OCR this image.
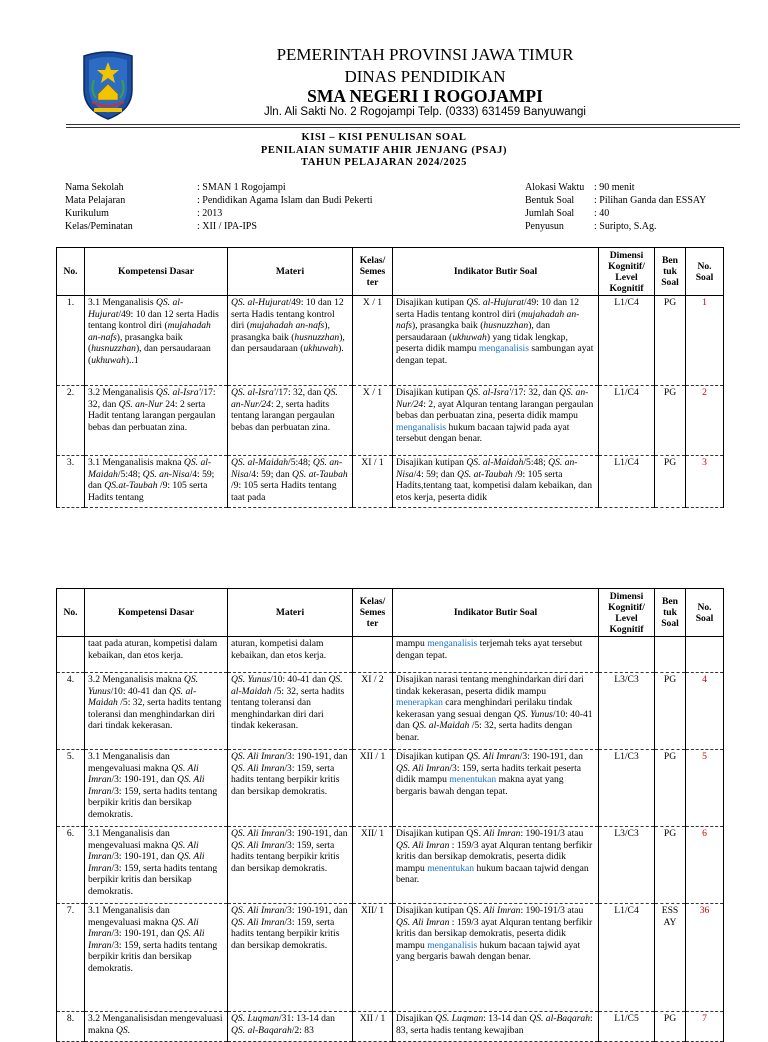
PEMERINTAH PROVINSI JAWA TIMUR
DINAS PENDIDIKAN
SMA NEGERI I ROGOJAMPI
Jln. Ali Sakti No. 2 Rogojampi Telp. (0333) 631459 Banyuwangi
KISI – KISI PENULISAN SOAL
PENILAIAN SUMATIF AHIR JENJANG (PSAJ)
TAHUN PELAJARAN 2024/2025
Nama Sekolah	: SMAN 1 Rogojampi
Mata Pelajaran	: Pendidikan Agama Islam dan Budi Pekerti
Kurikulum	: 2013
Kelas/Peminatan	: XII / IPA-IPS
Alokasi Waktu : 90 menit
Bentuk Soal	: Pilihan Ganda dan ESSAY
Jumlah Soal	: 40
Penyusun	: Suripto, S.Ag.
No.	Kompetensi Dasar	Materi	Kelas/ Semes ter	Indikator Butir Soal	Dimensi Kognitif/ Level Kognitif	Ben tuk Soal	No. Soal
1.	3.1 Menganalisis QS. al-Hujurat/49: 10 dan 12 serta Hadis tentang kontrol diri (mujahadah an-nafs), prasangka baik (husnuzzhan), dan persaudaraan (ukhuwah)..1	QS. al-Hujurat/49: 10 dan 12 serta Hadis tentang kontrol diri (mujahadah an-nafs), prasangka baik (husnuzzhan), dan persaudaraan (ukhuwah).	X / 1	Disajikan kutipan QS. al-Hujurat/49: 10 dan 12 serta Hadis tentang kontrol diri (mujahadah an-nafs), prasangka baik (husnuzzhan), dan persaudaraan (ukhuwah) yang tidak lengkap, peserta didik mampu menganalisis sambungan ayat dengan tepat.	L1/C4	PG	1
2.	3.2 Menganalisis QS. al-Isra'/17: 32, dan QS. an-Nur 24: 2 serta Hadit tentang larangan pergaulan bebas dan perbuatan zina.	QS. al-Isra'/17: 32, dan QS. an-Nur/24: 2, serta hadits tentang larangan pergaulan bebas dan perbuatan zina.	X / 1	Disajikan kutipan QS. al-Isra'/17: 32, dan QS. an-Nur/24: 2, ayat Alquran tentang larangan pergaulan bebas dan perbuatan zina, peserta didik mampu menganalisis hukum bacaan tajwid pada ayat tersebut dengan benar.	L1/C4	PG	2
3.	3.1 Menganalisis makna QS. al-Maidah/5:48; QS. an-Nisa/4: 59; dan QS.at-Taubah /9: 105 serta Hadits tentang	QS. al-Maidah/5:48; QS. an-Nisa/4: 59; dan QS. at-Taubah /9: 105 serta Hadits tentang taat pada	XI / 1	Disajikan kutipan QS. al-Maidah/5:48; QS. an-Nisa/4: 59; dan QS. at-Taubah /9: 105 serta Hadits,tentang taat, kompetisi dalam kebaikan, dan etos kerja, peserta didik	L1/C4	PG	3
No.	Kompetensi Dasar	Materi	Kelas/ Semes ter	Indikator Butir Soal	Dimensi Kognitif/ Level Kognitif	Ben tuk Soal	No. Soal
	taat pada aturan, kompetisi dalam kebaikan, dan etos kerja.	aturan, kompetisi dalam kebaikan, dan etos kerja.		mampu menganalisis terjemah teks ayat tersebut dengan tepat.			
4.	3.2 Menganalisis makna QS. Yunus/10: 40-41 dan QS. al-Maidah /5: 32, serta hadits tentang toleransi dan menghindarkan diri dari tindak kekerasan.	QS. Yunus/10: 40-41 dan QS. al-Maidah /5: 32, serta hadits tentang toleransi dan menghindarkan diri dari tindak kekerasan.	XI / 2	Disajikan narasi tentang menghindarkan diri dari tindak kekerasan, peserta didik mampu menerapkan cara menghindari perilaku tindak kekerasan yang sesuai dengan QS. Yunus/10: 40-41 dan QS. al-Maidah /5: 32, serta hadits dengan benar.	L3/C3	PG	4
5.	3.1 Menganalisis dan mengevaluasi makna QS. Ali Imran/3: 190-191, dan QS. Ali Imran/3: 159, serta hadits tentang berpikir kritis dan bersikap demokratis.	QS. Ali Imran/3: 190-191, dan QS. Ali Imran/3: 159, serta hadits tentang berpikir kritis dan bersikap demokratis.	XII / 1	Disajikan kutipan QS. Ali Imran/3: 190-191, dan QS. Ali Imran/3: 159, serta hadits terkait peserta didik mampu menentukan makna ayat yang bergaris bawah dengan tepat.	L1/C3	PG	5
6.	3.1 Menganalisis dan mengevaluasi makna QS. Ali Imran/3: 190-191, dan QS. Ali Imran/3: 159, serta hadits tentang berpikir kritis dan bersikap demokratis.	QS. Ali Imran/3: 190-191, dan QS. Ali Imran/3: 159, serta hadits tentang berpikir kritis dan bersikap demokratis.	XII/ 1	Disajikan kutipan QS. Ali Imran: 190-191/3 atau QS. Ali Imran : 159/3 ayat Alquran tentang berfikir kritis dan bersikap demokratis, peserta didik mampu menentukan hukum bacaan tajwid dengan benar.	L3/C3	PG	6
7.	3.1 Menganalisis dan mengevaluasi makna QS. Ali Imran/3: 190-191, dan QS. Ali Imran/3: 159, serta hadits tentang berpikir kritis dan bersikap demokratis.	QS. Ali Imran/3: 190-191, dan QS. Ali Imran/3: 159, serta hadits tentang berpikir kritis dan bersikap demokratis.	XII/ 1	Disajikan kutipan QS. Ali Imran: 190-191/3 atau QS. Ali Imran : 159/3 ayat Alquran tentang berfikir kritis dan bersikap demokratis, peserta didik mampu menganalisis hukum bacaan tajwid ayat yang bergaris bawah dengan benar.	L1/C4	ESS AY	36
8.	3.2 Menganalisisdan mengevaluasi makna QS.	QS. Luqman/31: 13-14 dan QS. al-Baqarah/2: 83	XII / 1	Disajikan QS. Luqman: 13-14 dan QS. al-Baqarah: 83, serta hadis tentang kewajiban	L1/C5	PG	7
